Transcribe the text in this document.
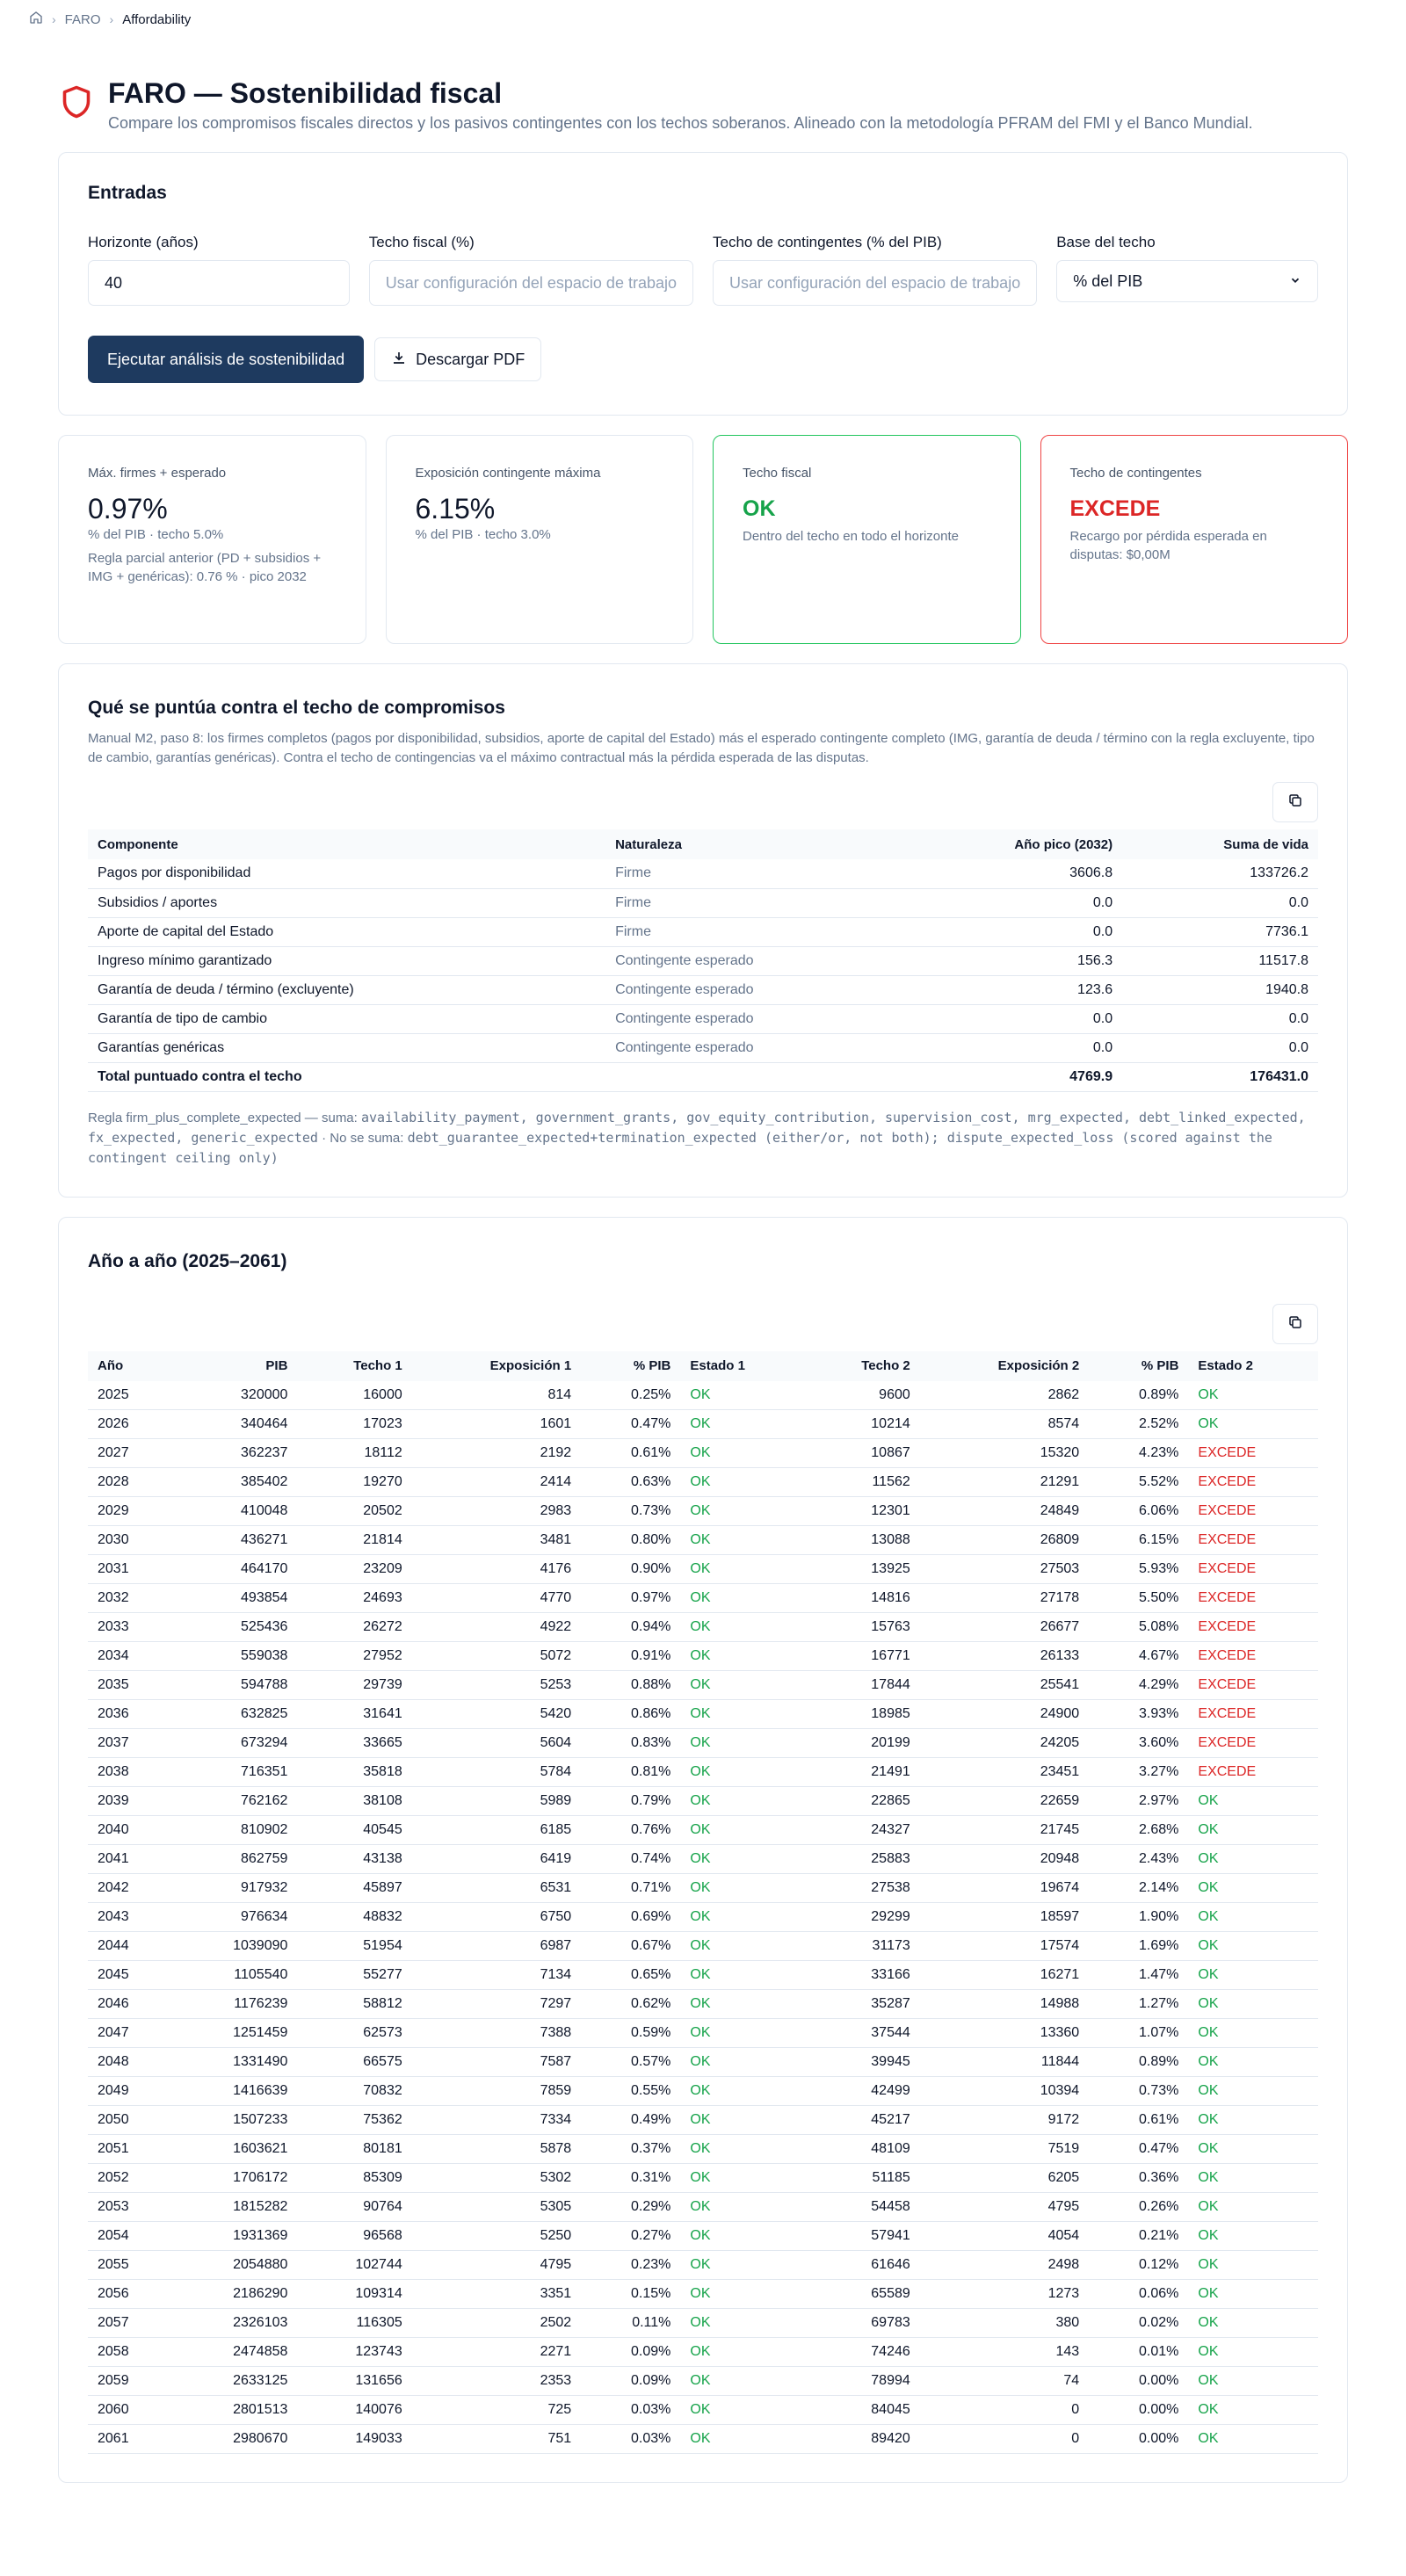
› FARO › Affordability
FARO — Sostenibilidad fiscal

Compare los compromisos fiscales directos y los pasivos contingentes con los techos soberanos. Alineado con la metodología PFRAM del FMI y el Banco Mundial.

Entradas
Horizonte (años)
40
Techo fiscal (%)
Usar configuración del espacio de trabajo
Techo de contingentes (% del PIB)
Usar configuración del espacio de trabajo
Base del techo
% del PIB
Ejecutar análisis de sostenibilidad	Descargar PDF
Máx. firmes + esperado
0.97%
% del PIB · techo 5.0%
Regla parcial anterior (PD + subsidios + IMG + genéricas): 0.76 % · pico 2032
Exposición contingente máxima
6.15%
% del PIB · techo 3.0%
Techo fiscal
OK
Dentro del techo en todo el horizonte
Techo de contingentes
EXCEDE
Recargo por pérdida esperada en disputas: $0,00M
Qué se puntúa contra el techo de compromisos
Manual M2, paso 8: los firmes completos (pagos por disponibilidad, subsidios, aporte de capital del Estado) más el esperado contingente completo (IMG, garantía de deuda / término con la regla excluyente, tipo de cambio, garantías genéricas). Contra el techo de contingencias va el máximo contractual más la pérdida esperada de las disputas.
Componente	Naturaleza	Año pico (2032)	Suma de vida
Pagos por disponibilidad	Firme	3606.8	133726.2
Subsidios / aportes	Firme	0.0	0.0
Aporte de capital del Estado	Firme	0.0	7736.1
Ingreso mínimo garantizado	Contingente esperado	156.3	11517.8
Garantía de deuda / término (excluyente)	Contingente esperado	123.6	1940.8
Garantía de tipo de cambio	Contingente esperado	0.0	0.0
Garantías genéricas	Contingente esperado	0.0	0.0
Total puntuado contra el techo		4769.9	176431.0
Regla firm_plus_complete_expected — suma: availability_payment, government_grants, gov_equity_contribution, supervision_cost, mrg_expected, debt_linked_expected, fx_expected, generic_expected · No se suma: debt_guarantee_expected+termination_expected (either/or, not both); dispute_expected_loss (scored against the contingent ceiling only)
Año a año (2025–2061)
Año	PIB	Techo 1	Exposición 1	% PIB	Estado 1	Techo 2	Exposición 2	% PIB	Estado 2
2025	320000	16000	814	0.25%	OK	9600	2862	0.89%	OK
2026	340464	17023	1601	0.47%	OK	10214	8574	2.52%	OK
2027	362237	18112	2192	0.61%	OK	10867	15320	4.23%	EXCEDE
2028	385402	19270	2414	0.63%	OK	11562	21291	5.52%	EXCEDE
2029	410048	20502	2983	0.73%	OK	12301	24849	6.06%	EXCEDE
2030	436271	21814	3481	0.80%	OK	13088	26809	6.15%	EXCEDE
2031	464170	23209	4176	0.90%	OK	13925	27503	5.93%	EXCEDE
2032	493854	24693	4770	0.97%	OK	14816	27178	5.50%	EXCEDE
2033	525436	26272	4922	0.94%	OK	15763	26677	5.08%	EXCEDE
2034	559038	27952	5072	0.91%	OK	16771	26133	4.67%	EXCEDE
2035	594788	29739	5253	0.88%	OK	17844	25541	4.29%	EXCEDE
2036	632825	31641	5420	0.86%	OK	18985	24900	3.93%	EXCEDE
2037	673294	33665	5604	0.83%	OK	20199	24205	3.60%	EXCEDE
2038	716351	35818	5784	0.81%	OK	21491	23451	3.27%	EXCEDE
2039	762162	38108	5989	0.79%	OK	22865	22659	2.97%	OK
2040	810902	40545	6185	0.76%	OK	24327	21745	2.68%	OK
2041	862759	43138	6419	0.74%	OK	25883	20948	2.43%	OK
2042	917932	45897	6531	0.71%	OK	27538	19674	2.14%	OK
2043	976634	48832	6750	0.69%	OK	29299	18597	1.90%	OK
2044	1039090	51954	6987	0.67%	OK	31173	17574	1.69%	OK
2045	1105540	55277	7134	0.65%	OK	33166	16271	1.47%	OK
2046	1176239	58812	7297	0.62%	OK	35287	14988	1.27%	OK
2047	1251459	62573	7388	0.59%	OK	37544	13360	1.07%	OK
2048	1331490	66575	7587	0.57%	OK	39945	11844	0.89%	OK
2049	1416639	70832	7859	0.55%	OK	42499	10394	0.73%	OK
2050	1507233	75362	7334	0.49%	OK	45217	9172	0.61%	OK
2051	1603621	80181	5878	0.37%	OK	48109	7519	0.47%	OK
2052	1706172	85309	5302	0.31%	OK	51185	6205	0.36%	OK
2053	1815282	90764	5305	0.29%	OK	54458	4795	0.26%	OK
2054	1931369	96568	5250	0.27%	OK	57941	4054	0.21%	OK
2055	2054880	102744	4795	0.23%	OK	61646	2498	0.12%	OK
2056	2186290	109314	3351	0.15%	OK	65589	1273	0.06%	OK
2057	2326103	116305	2502	0.11%	OK	69783	380	0.02%	OK
2058	2474858	123743	2271	0.09%	OK	74246	143	0.01%	OK
2059	2633125	131656	2353	0.09%	OK	78994	74	0.00%	OK
2060	2801513	140076	725	0.03%	OK	84045	0	0.00%	OK
2061	2980670	149033	751	0.03%	OK	89420	0	0.00%	OK
